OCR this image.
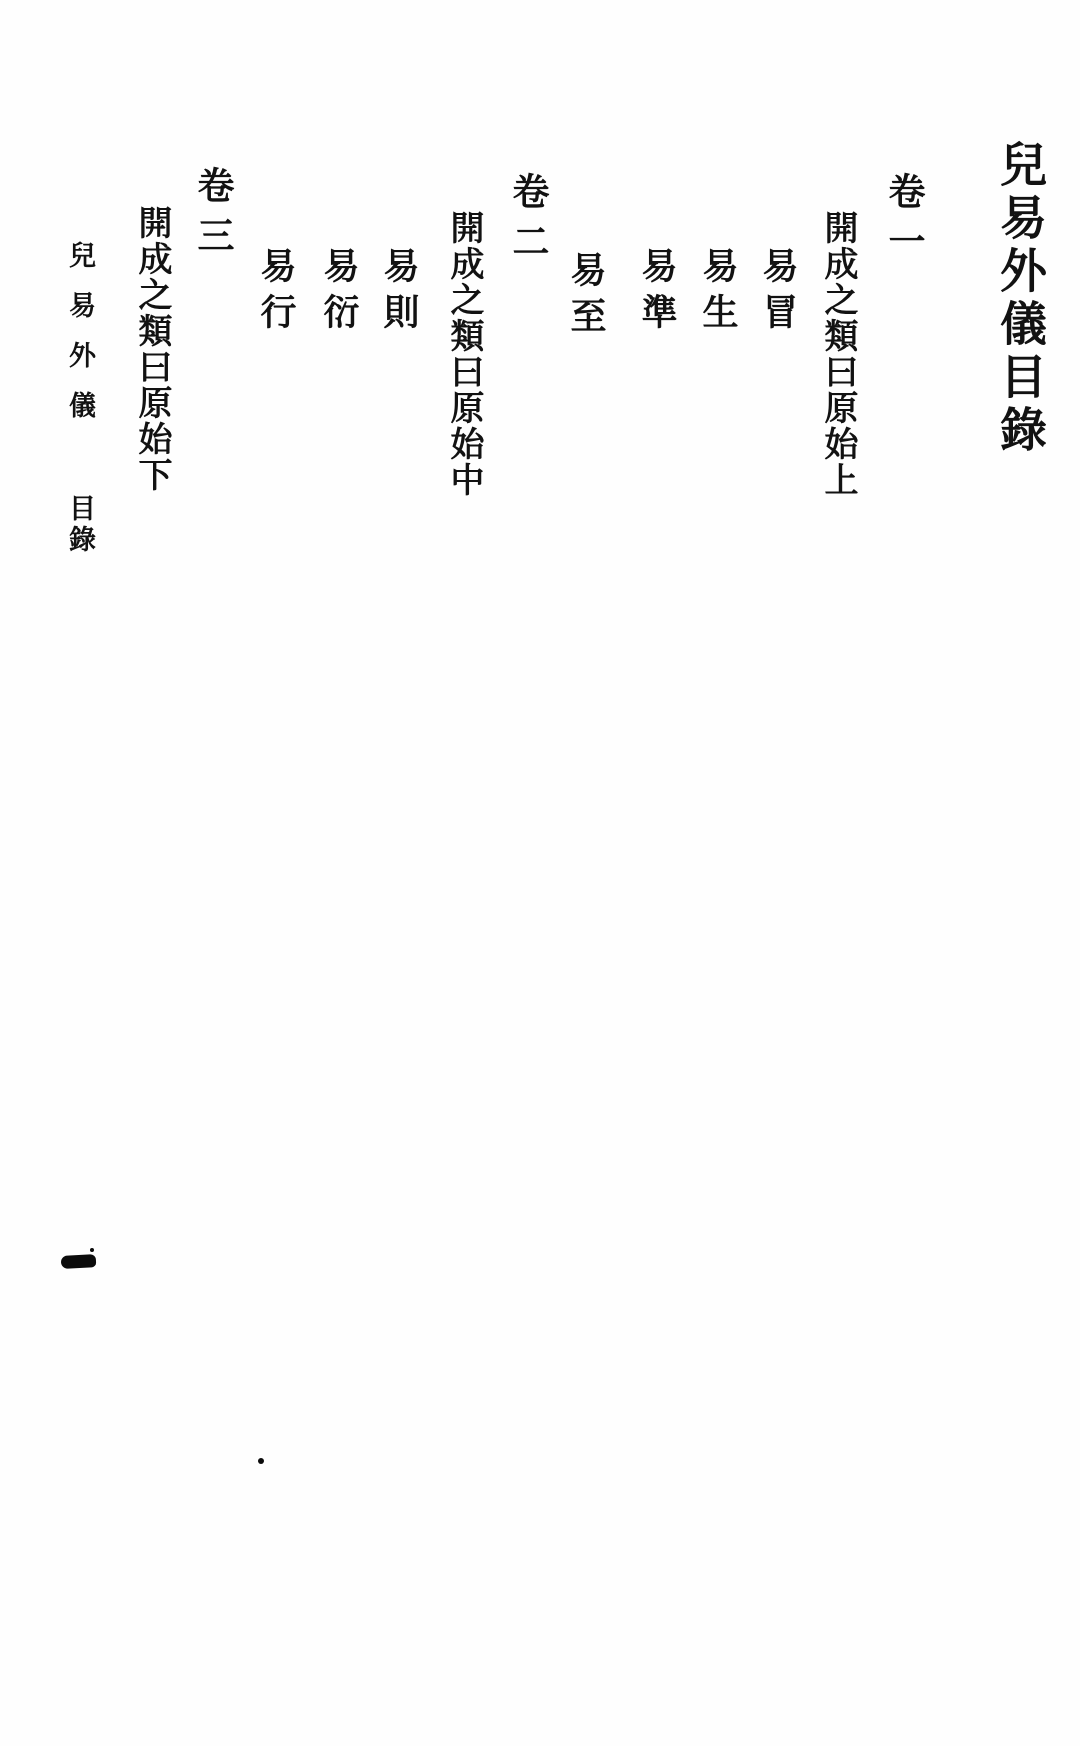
兒易外儀目錄
卷一
開成之類曰原始上
易冒
易生
易準
易至
卷二
開成之類曰原始中
易則
易衍
易行
卷三
開成之類曰原始下
兒易外儀
目錄
